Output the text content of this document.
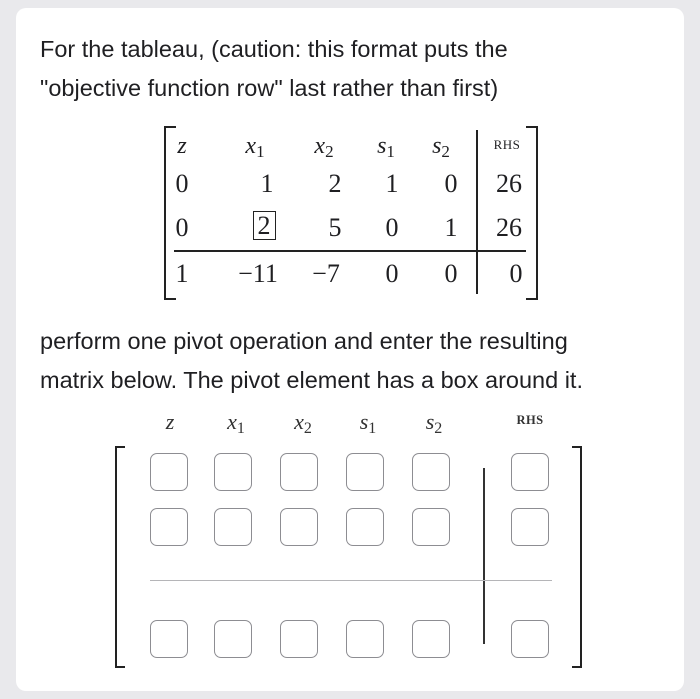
For the tableau, (caution: this format puts the
"objective function row" last rather than first)

z	$x_1$	$x_2$	$s_1$	$s_2$	RHS
0	1	2	1	0	26
0	2	5	0	1	26
1	−11	−7	0	0	0

perform one pivot operation and enter the resulting
matrix below. The pivot element has a box around it.

z	$x_1$	$x_2$	$s_1$	$s_2$	RHS
